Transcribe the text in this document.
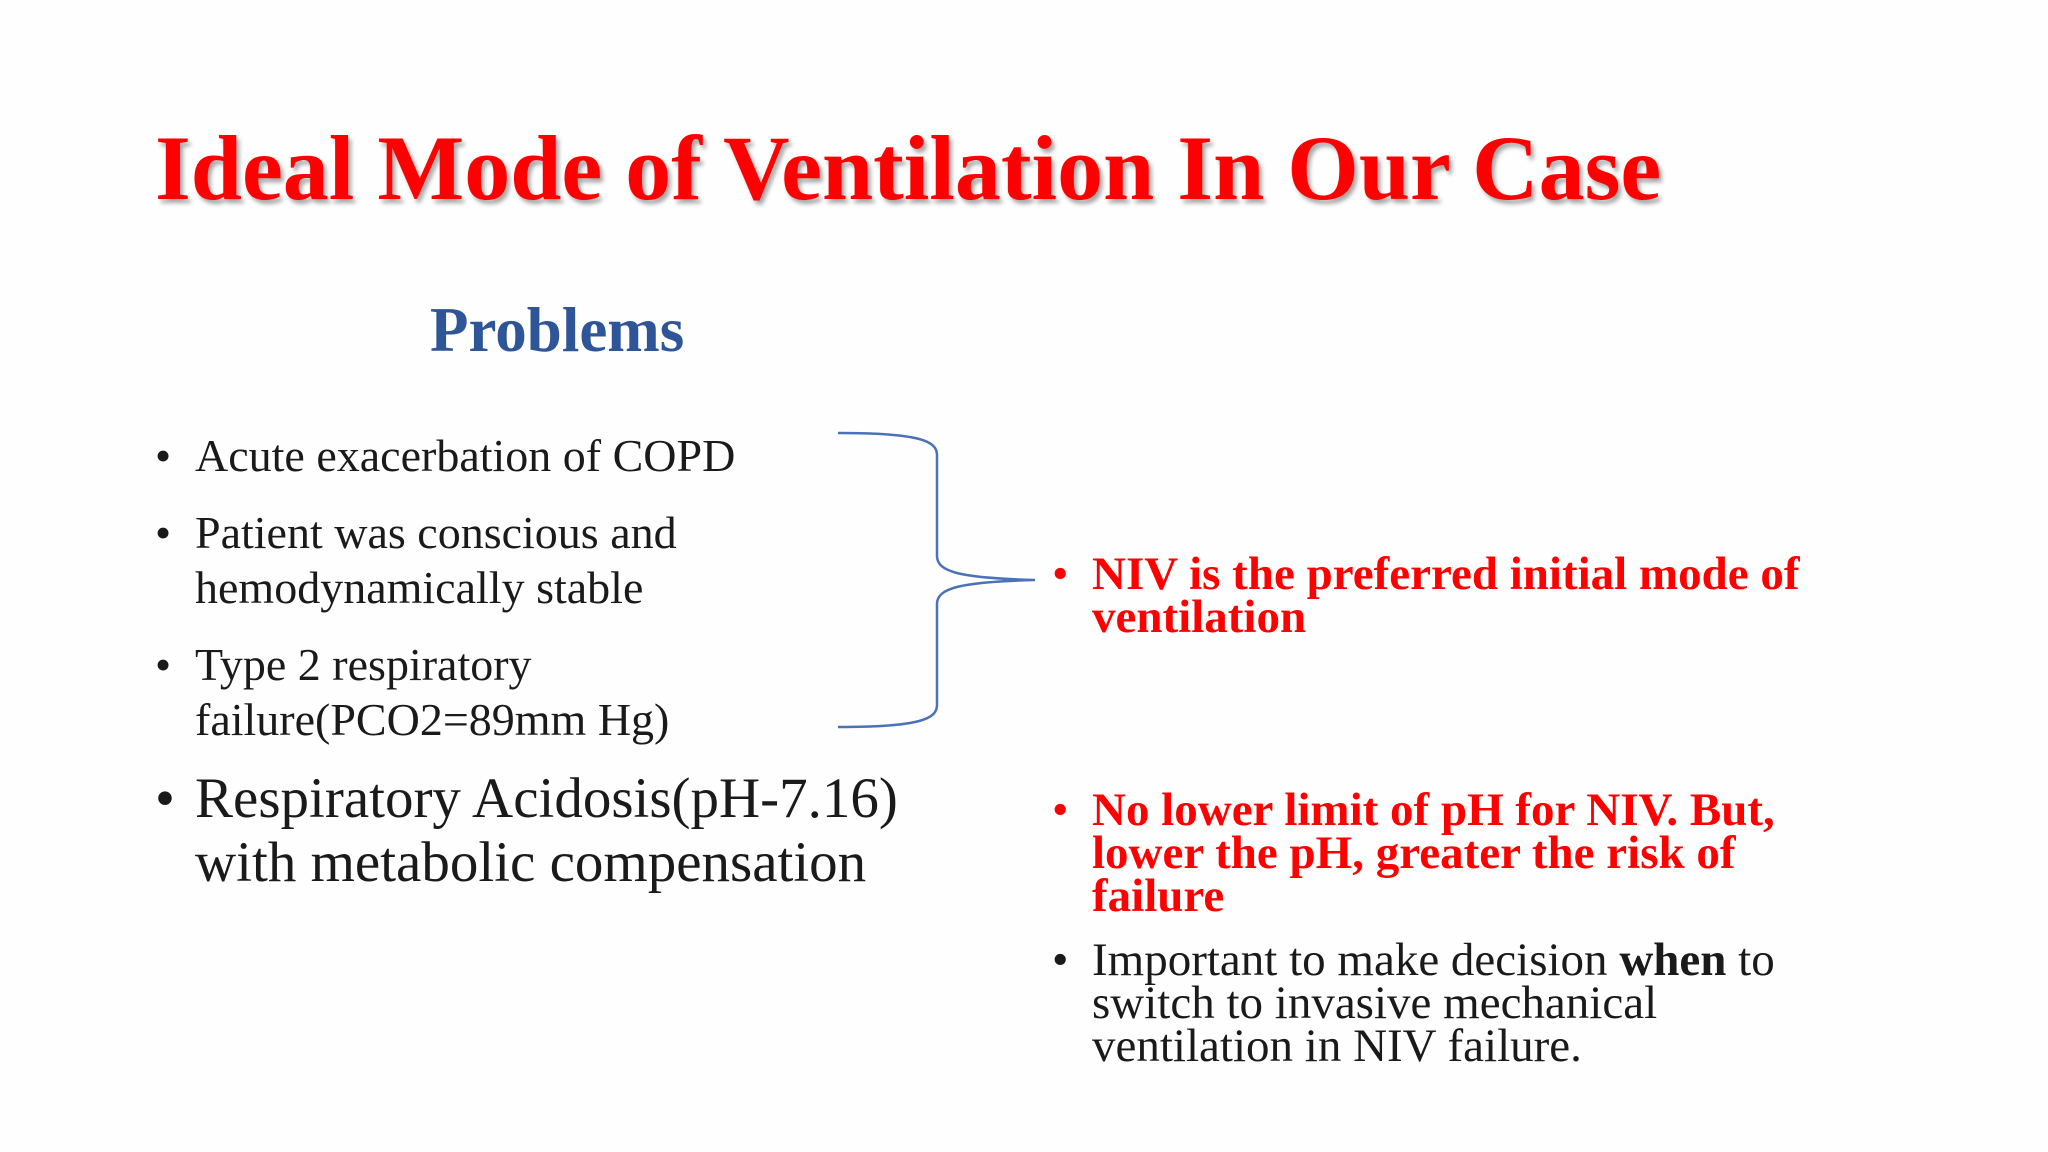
Ideal Mode of Ventilation In Our Case
Problems
• Acute exacerbation of COPD
• Patient was conscious and
hemodynamically stable
• Type 2 respiratory
failure(PCO2=89mm Hg)
• Respiratory Acidosis(pH-7.16)
with metabolic compensation
• NIV is the preferred initial mode of
ventilation
• No lower limit of pH for NIV. But,
lower the pH, greater the risk of
failure
• Important to make decision when to
switch to invasive mechanical
ventilation in NIV failure.
